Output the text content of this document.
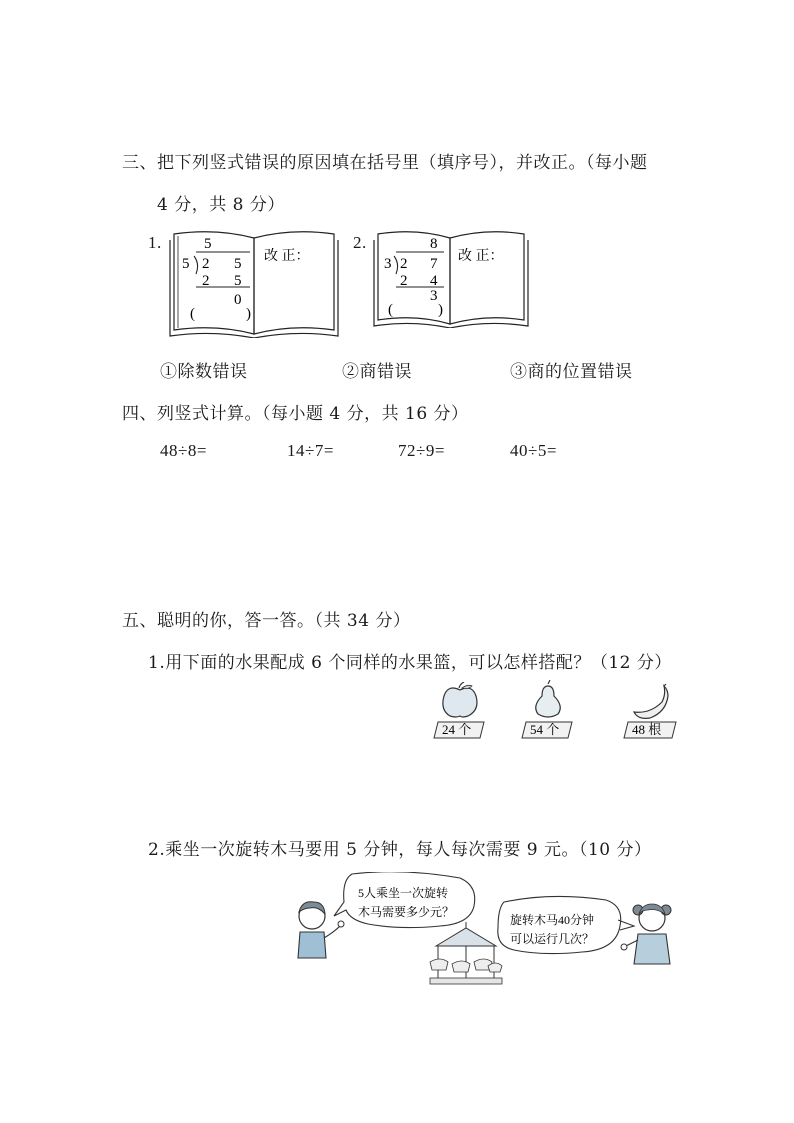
三、把下列竖式错误的原因填在括号里（填序号），并改正。（每小题
4 分，共 8 分）
1.	5
5 2 5
2 5
0
(	)
改 正：
2.	8
3 2 7
2 4
3
(	)
改 正：
①除数错误	②商错误	③商的位置错误
四、列竖式计算。（每小题 4 分，共 16 分）
48÷8=	14÷7=	72÷9=	40÷5=
五、聪明的你，答一答。（共 34 分）
1.用下面的水果配成 6 个同样的水果篮，可以怎样搭配？（12 分）
24 个	54 个	48 根
2.乘坐一次旋转木马要用 5 分钟，每人每次需要 9 元。（10 分）
5人乘坐一次旋转
木马需要多少元？
旋转木马40分钟
可以运行几次？
